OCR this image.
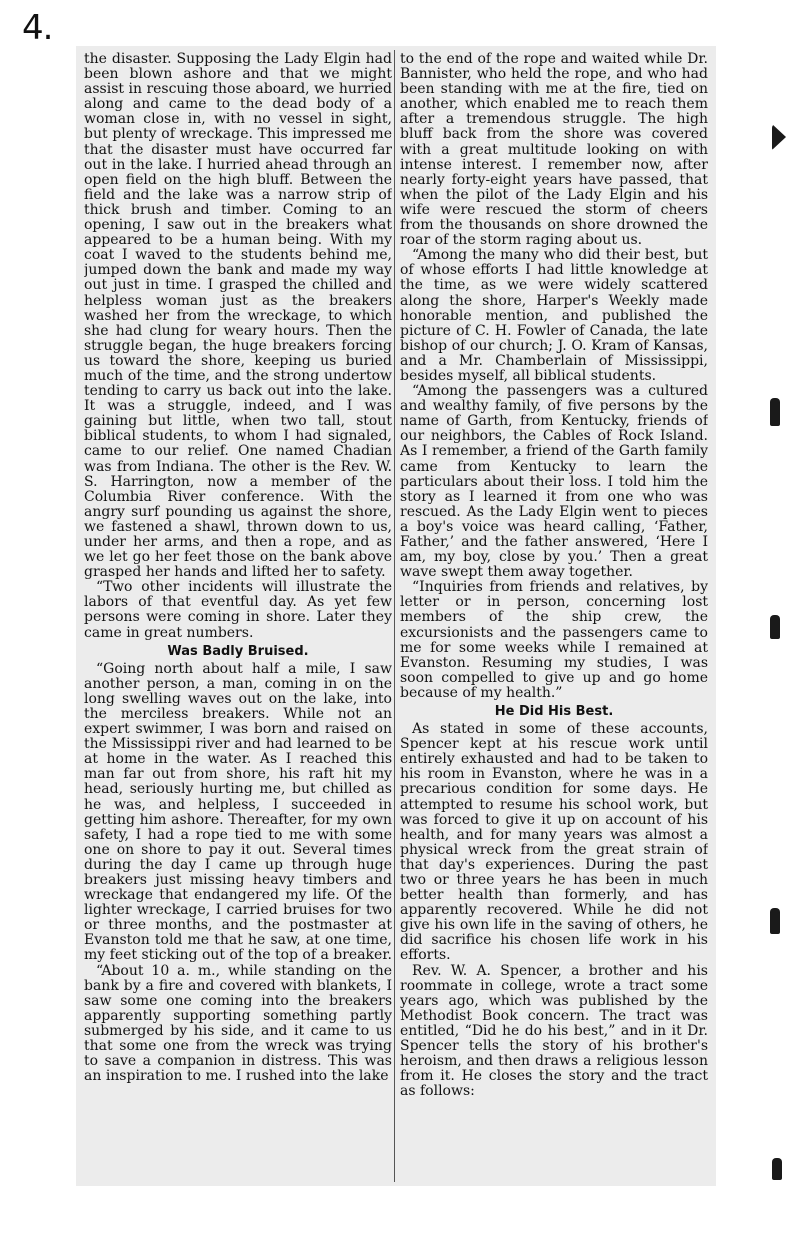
4.

the disaster. Supposing the Lady Elgin had been blown ashore and that we might assist in rescuing those aboard, we hurried along and came to the dead body of a woman close in, with no vessel in sight, but plenty of wreckage. This impressed me that the disaster must have occurred far out in the lake. I hurried ahead through an open field on the high bluff. Between the field and the lake was a narrow strip of thick brush and timber. Coming to an opening, I saw out in the breakers what appeared to be a human being. With my coat I waved to the students behind me, jumped down the bank and made my way out just in time. I grasped the chilled and helpless woman just as the breakers washed her from the wreckage, to which she had clung for weary hours. Then the struggle began, the huge breakers forcing us toward the shore, keeping us buried much of the time, and the strong undertow tending to carry us back out into the lake. It was a struggle, indeed, and I was gaining but little, when two tall, stout biblical students, to whom I had signaled, came to our relief. One named Chadian was from Indiana. The other is the Rev. W. S. Harrington, now a member of the Columbia River conference. With the angry surf pounding us against the shore, we fastened a shawl, thrown down to us, under her arms, and then a rope, and as we let go her feet those on the bank above grasped her hands and lifted her to safety.

“Two other incidents will illustrate the labors of that eventful day. As yet few persons were coming in shore. Later they came in great numbers.

Was Badly Bruised.

“Going north about half a mile, I saw another person, a man, coming in on the long swelling waves out on the lake, into the merciless breakers. While not an expert swimmer, I was born and raised on the Mississippi river and had learned to be at home in the water. As I reached this man far out from shore, his raft hit my head, seriously hurting me, but chilled as he was, and helpless, I succeeded in getting him ashore. Thereafter, for my own safety, I had a rope tied to me with some one on shore to pay it out. Several times during the day I came up through huge breakers just missing heavy timbers and wreckage that endangered my life. Of the lighter wreckage, I carried bruises for two or three months, and the postmaster at Evanston told me that he saw, at one time, my feet sticking out of the top of a breaker.

“About 10 a. m., while standing on the bank by a fire and covered with blankets, I saw some one coming into the breakers apparently supporting something partly submerged by his side, and it came to us that some one from the wreck was trying to save a companion in distress. This was an inspiration to me. I rushed into the lake

to the end of the rope and waited while Dr. Bannister, who held the rope, and who had been standing with me at the fire, tied on another, which enabled me to reach them after a tremendous struggle. The high bluff back from the shore was covered with a great multitude looking on with intense interest. I remember now, after nearly forty-eight years have passed, that when the pilot of the Lady Elgin and his wife were rescued the storm of cheers from the thousands on shore drowned the roar of the storm raging about us.

“Among the many who did their best, but of whose efforts I had little knowledge at the time, as we were widely scattered along the shore, Harper's Weekly made honorable mention, and published the picture of C. H. Fowler of Canada, the late bishop of our church; J. O. Kram of Kansas, and a Mr. Chamberlain of Mississippi, besides myself, all biblical students.

“Among the passengers was a cultured and wealthy family, of five persons by the name of Garth, from Kentucky, friends of our neighbors, the Cables of Rock Island. As I remember, a friend of the Garth family came from Kentucky to learn the particulars about their loss. I told him the story as I learned it from one who was rescued. As the Lady Elgin went to pieces a boy's voice was heard calling, ‘Father, Father,’ and the father answered, ‘Here I am, my boy, close by you.’ Then a great wave swept them away together.

“Inquiries from friends and relatives, by letter or in person, concerning lost members of the ship crew, the excursionists and the passengers came to me for some weeks while I remained at Evanston. Resuming my studies, I was soon compelled to give up and go home because of my health.”

He Did His Best.

As stated in some of these accounts, Spencer kept at his rescue work until entirely exhausted and had to be taken to his room in Evanston, where he was in a precarious condition for some days. He attempted to resume his school work, but was forced to give it up on account of his health, and for many years was almost a physical wreck from the great strain of that day's experiences. During the past two or three years he has been in much better health than formerly, and has apparently recovered. While he did not give his own life in the saving of others, he did sacrifice his chosen life work in his efforts.

Rev. W. A. Spencer, a brother and his roommate in college, wrote a tract some years ago, which was published by the Methodist Book concern. The tract was entitled, “Did he do his best,” and in it Dr. Spencer tells the story of his brother's heroism, and then draws a religious lesson from it. He closes the story and the tract as follows:
